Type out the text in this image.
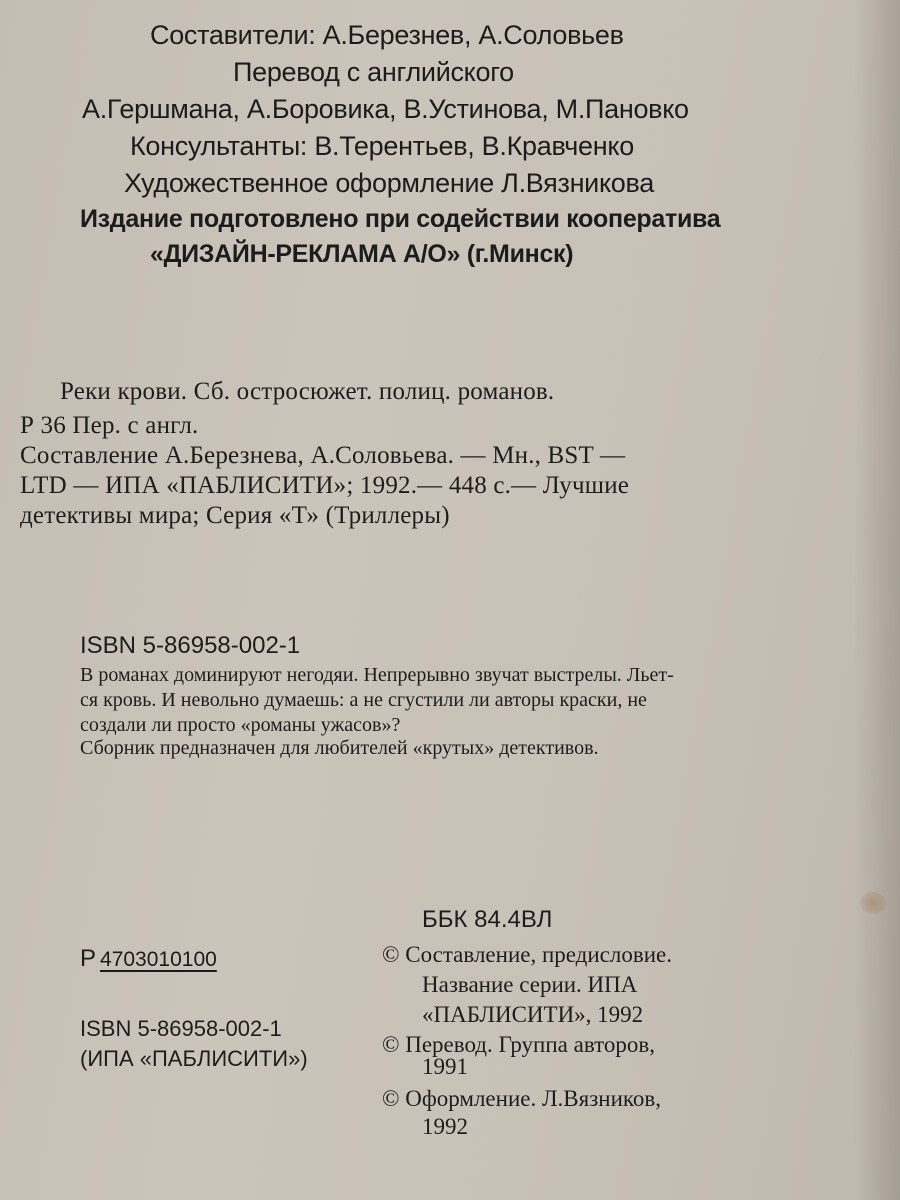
Составители: А.Березнев, А.Соловьев
Перевод с английского
А.Гершмана, А.Боровика, В.Устинова, М.Пановко
Консультанты: В.Терентьев, В.Кравченко
Художественное оформление Л.Вязникова
Издание подготовлено при содействии кооператива
«ДИЗАЙН-РЕКЛАМА А/О» (г.Минск)
Реки крови. Сб. остросюжет. полиц. романов.
Р 36 Пер. с англ.
Составление А.Березнева, А.Соловьева. — Мн., BST —
LTD — ИПА «ПАБЛИСИТИ»; 1992.— 448 с.— Лучшие
детективы мира; Серия «Т» (Триллеры)
ISBN 5-86958-002-1
В романах доминируют негодяи. Непрерывно звучат выстрелы. Льет-
ся кровь. И невольно думаешь: а не сгустили ли авторы краски, не
создали ли просто «романы ужасов»?
Сборник предназначен для любителей «крутых» детективов.
Р 4703010100
ISBN 5-86958-002-1
(ИПА «ПАБЛИСИТИ»)
ББК 84.4ВЛ
© Составление, предисловие.
Название серии. ИПА
«ПАБЛИСИТИ», 1992
© Перевод. Группа авторов,
1991
© Оформление. Л.Вязников,
1992
